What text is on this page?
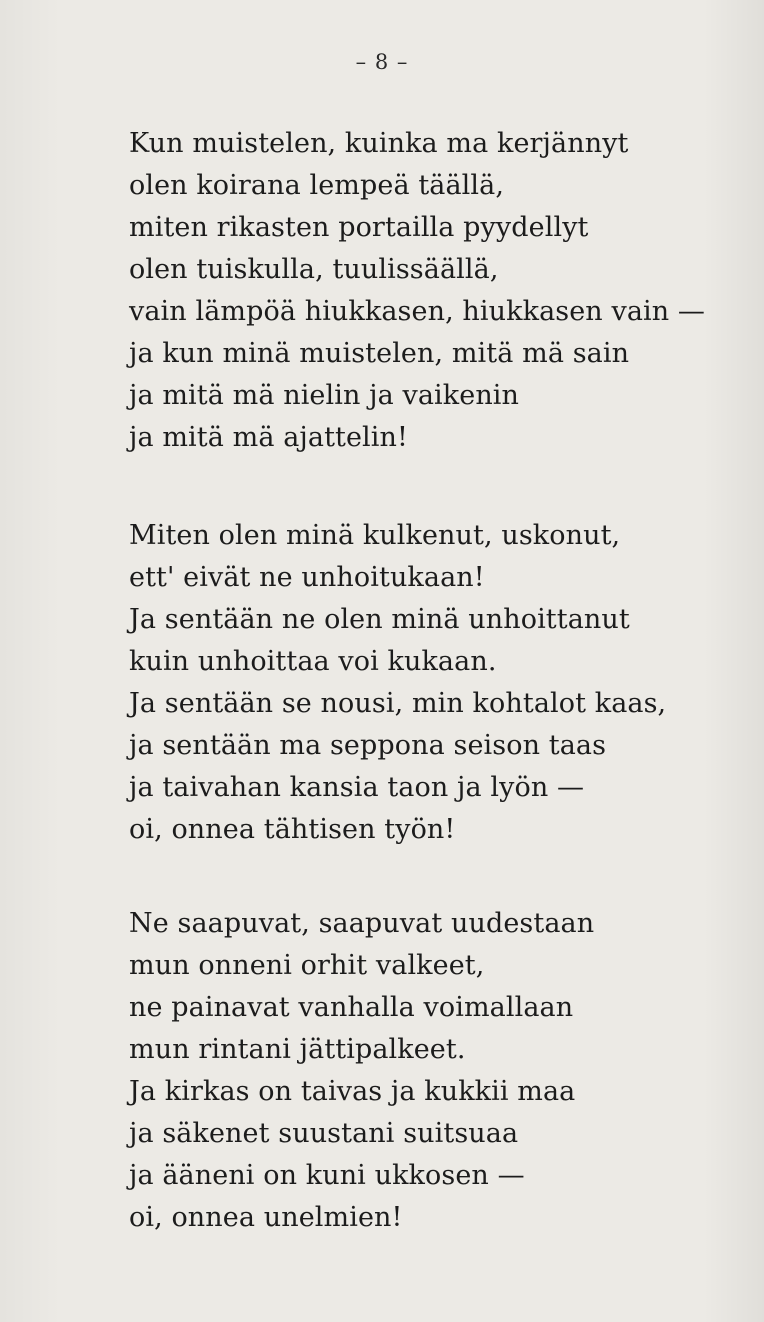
– 8 –
Kun muistelen, kuinka ma kerjännyt
olen koirana lempeä täällä,
miten rikasten portailla pyydellyt
olen tuiskulla, tuulissäällä,
vain lämpöä hiukkasen, hiukkasen vain —
ja kun minä muistelen, mitä mä sain
ja mitä mä nielin ja vaikenin
ja mitä mä ajattelin!
Miten olen minä kulkenut, uskonut,
ett' eivät ne unhoitukaan!
Ja sentään ne olen minä unhoittanut
kuin unhoittaa voi kukaan.
Ja sentään se nousi, min kohtalot kaas,
ja sentään ma seppona seison taas
ja taivahan kansia taon ja lyön —
oi, onnea tähtisen työn!
Ne saapuvat, saapuvat uudestaan
mun onneni orhit valkeet,
ne painavat vanhalla voimallaan
mun rintani jättipalkeet.
Ja kirkas on taivas ja kukkii maa
ja säkenet suustani suitsuaa
ja ääneni on kuni ukkosen —
oi, onnea unelmien!
